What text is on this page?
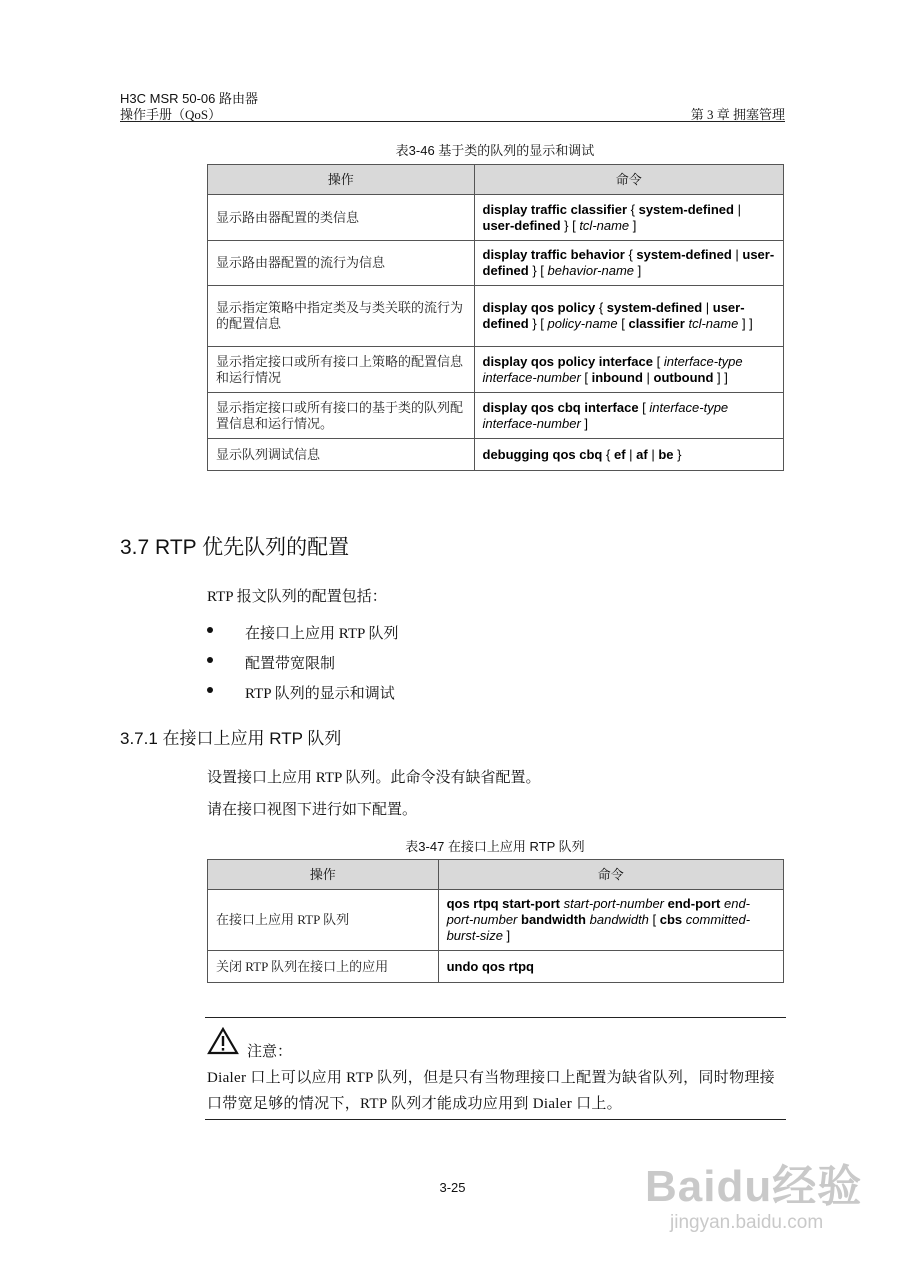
H3C MSR 50-06 路由器
操作手册（QoS）	第 3 章 拥塞管理
表3-46 基于类的队列的显示和调试
操作	命令
显示路由器配置的类信息	display traffic classifier { system-defined | user-defined } [ tcl-name ]
显示路由器配置的流行为信息	display traffic behavior { system-defined | user-defined } [ behavior-name ]
显示指定策略中指定类及与类关联的流行为的配置信息	display qos policy { system-defined | user-defined } [ policy-name [ classifier tcl-name ] ]
显示指定接口或所有接口上策略的配置信息和运行情况	display qos policy interface [ interface-type interface-number [ inbound | outbound ] ]
显示指定接口或所有接口的基于类的队列配置信息和运行情况。	display qos cbq interface [ interface-type interface-number ]
显示队列调试信息	debugging qos cbq { ef | af | be }
3.7 RTP 优先队列的配置
RTP 报文队列的配置包括：
在接口上应用 RTP 队列
配置带宽限制
RTP 队列的显示和调试
3.7.1 在接口上应用 RTP 队列
设置接口上应用 RTP 队列。此命令没有缺省配置。
请在接口视图下进行如下配置。
表3-47 在接口上应用 RTP 队列
操作	命令
在接口上应用 RTP 队列	qos rtpq start-port start-port-number end-port end-port-number bandwidth bandwidth [ cbs committed-burst-size ]
关闭 RTP 队列在接口上的应用	undo qos rtpq
注意：
Dialer 口上可以应用 RTP 队列，但是只有当物理接口上配置为缺省队列，同时物理接口带宽足够的情况下，RTP 队列才能成功应用到 Dialer 口上。
3-25	Baidu经验
jingyan.baidu.com
